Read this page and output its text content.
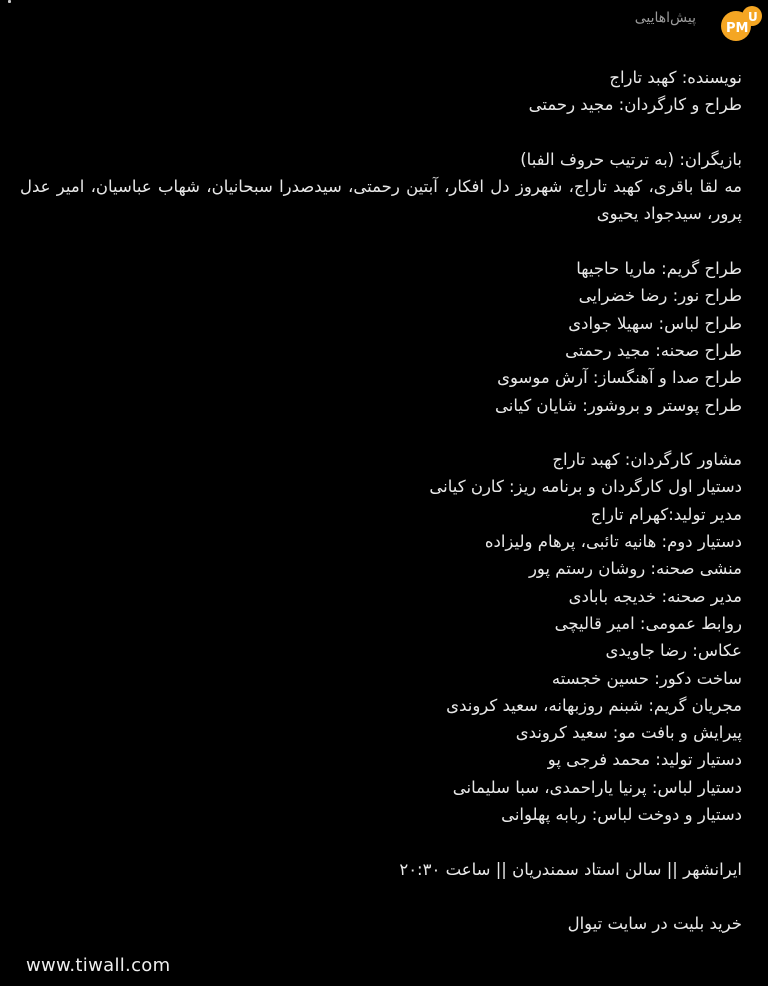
پیش‌اهاییی	U
PM
نویسنده: کهبد تاراج
طراح و کارگردان: مجید رحمتی
بازیگران: (به ترتیب حروف الفبا)
مه لقا باقری، کهبد تاراج، شهروز دل افکار، آبتین رحمتی، سیدصدرا سبحانیان، شهاب عباسیان، امیر عدل پرور، سیدجواد یحیوی
طراح گریم: ماریا حاجیها
طراح نور: رضا خضرایی
طراح لباس: سهیلا جوادی
طراح صحنه: مجید رحمتی
طراح صدا و آهنگساز: آرش موسوی
طراح پوستر و بروشور: شایان کیانی
مشاور کارگردان: کهبد تاراج
دستیار اول کارگردان و برنامه ریز: کارن کیانی
مدیر تولید:کهرام تاراج
دستیار دوم: هانیه تائبی، پرهام ولیزاده
منشی صحنه: روشان رستم پور
مدیر صحنه: خدیجه بابادی
روابط عمومی: امیر قالیچی
عکاس: رضا جاویدی
ساخت دکور: حسین خجسته
مجریان گریم: شبنم روزبهانه، سعید کروندی
پیرایش و بافت مو: سعید کروندی
دستیار تولید: محمد فرجی پو
دستیار لباس: پرنیا یاراحمدی، سبا سلیمانی
دستیار و دوخت لباس: ربابه پهلوانی
ایرانشهر || سالن استاد سمندریان || ساعت ۲۰:۳۰
خرید بلیت در سایت تیوال
www.tiwall.com
